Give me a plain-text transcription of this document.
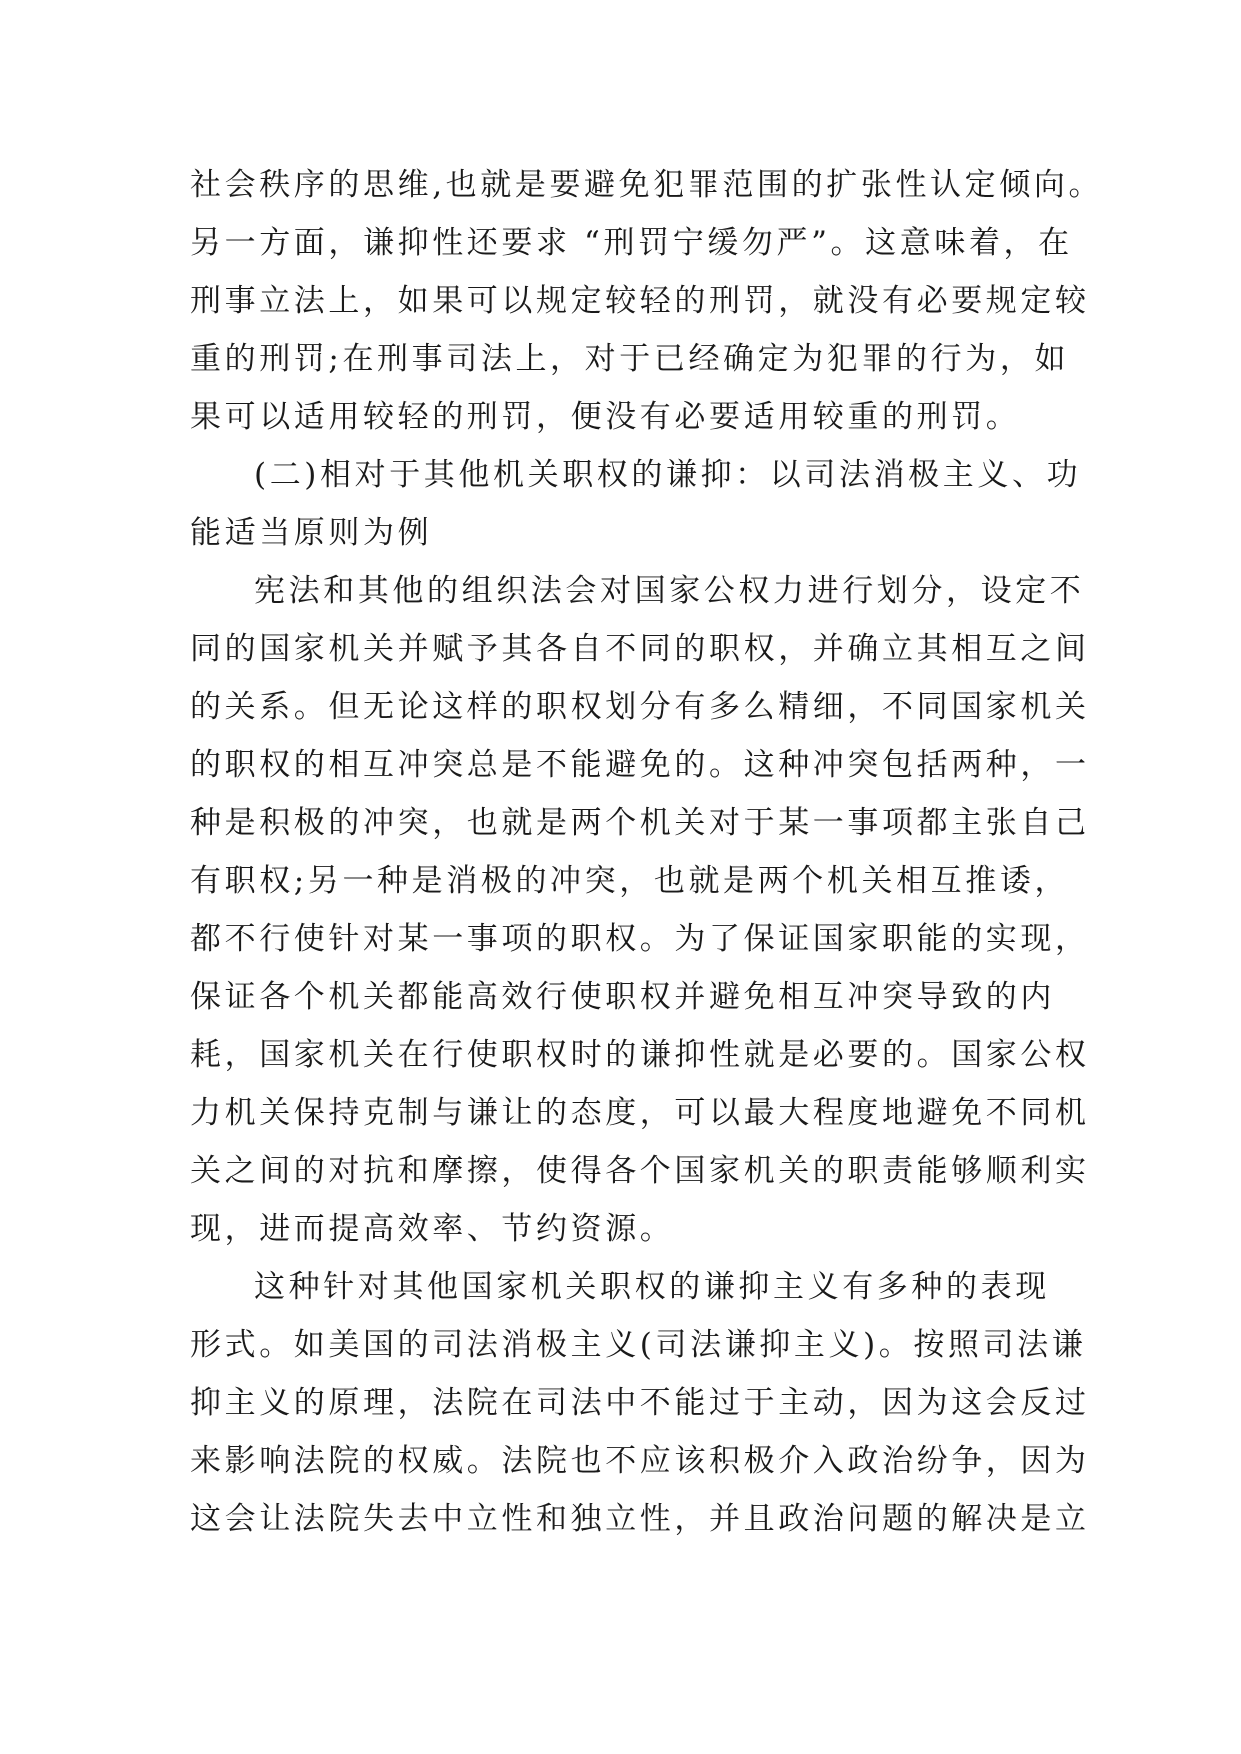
社会秩序的思维,也就是要避免犯罪范围的扩张性认定倾向。
另一方面，谦抑性还要求 “刑罚宁缓勿严”。这意味着，在
刑事立法上，如果可以规定较轻的刑罚，就没有必要规定较
重的刑罚;在刑事司法上，对于已经确定为犯罪的行为，如
果可以适用较轻的刑罚，便没有必要适用较重的刑罚。
(二)相对于其他机关职权的谦抑：以司法消极主义、功
能适当原则为例
宪法和其他的组织法会对国家公权力进行划分，设定不
同的国家机关并赋予其各自不同的职权，并确立其相互之间
的关系。但无论这样的职权划分有多么精细，不同国家机关
的职权的相互冲突总是不能避免的。这种冲突包括两种，一
种是积极的冲突，也就是两个机关对于某一事项都主张自己
有职权;另一种是消极的冲突，也就是两个机关相互推诿，
都不行使针对某一事项的职权。为了保证国家职能的实现，
保证各个机关都能高效行使职权并避免相互冲突导致的内
耗，国家机关在行使职权时的谦抑性就是必要的。国家公权
力机关保持克制与谦让的态度，可以最大程度地避免不同机
关之间的对抗和摩擦，使得各个国家机关的职责能够顺利实
现，进而提高效率、节约资源。
这种针对其他国家机关职权的谦抑主义有多种的表现
形式。如美国的司法消极主义(司法谦抑主义)。按照司法谦
抑主义的原理，法院在司法中不能过于主动，因为这会反过
来影响法院的权威。法院也不应该积极介入政治纷争，因为
这会让法院失去中立性和独立性，并且政治问题的解决是立
